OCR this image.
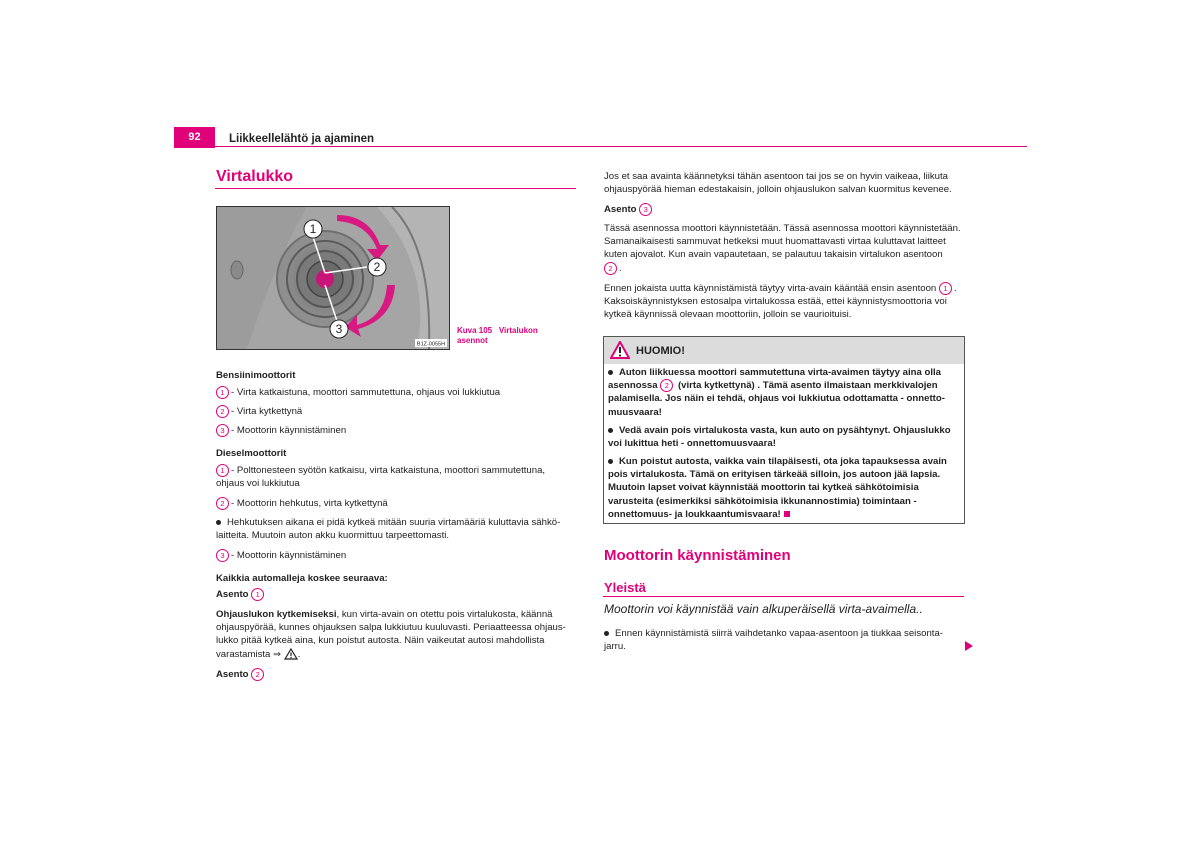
92	Liikkeellelähtö ja ajaminen
Virtalukko
1
2
3
B1Z-0055H
Kuva 105 Virtalukon
asennot
Bensiinimoottorit
1 - Virta katkaistuna, moottori sammutettuna, ohjaus voi lukkiutua
2 - Virta kytkettynä
3 - Moottorin käynnistäminen
Dieselmoottorit
1 - Polttonesteen syötön katkaisu, virta katkaistuna, moottori sammutettuna,
ohjaus voi lukkiutua
2 - Moottorin hehkutus, virta kytkettynä
Hehkutuksen aikana ei pidä kytkeä mitään suuria virtamääriä kuluttavia sähkö-
laitteita. Muutoin auton akku kuormittuu tarpeettomasti.
3 - Moottorin käynnistäminen
Kaikkia automalleja koskee seuraava:
Asento 1
Ohjauslukon kytkemiseksi, kun virta-avain on otettu pois virtalukosta, käännä
ohjauspyörää, kunnes ohjauksen salpa lukkiutuu kuuluvasti. Periaatteessa ohjaus-
lukko pitää kytkeä aina, kun poistut autosta. Näin vaikeutat autosi mahdollista
varastamista ⇒ .
Asento 2
Jos et saa avainta käännetyksi tähän asentoon tai jos se on hyvin vaikeaa, liikuta
ohjauspyörää hieman edestakaisin, jolloin ohjauslukon salvan kuormitus kevenee.
Asento 3
Tässä asennossa moottori käynnistetään. Tässä asennossa moottori käynnistetään.
Samanaikaisesti sammuvat hetkeksi muut huomattavasti virtaa kuluttavat laitteet
kuten ajovalot. Kun avain vapautetaan, se palautuu takaisin virtalukon asentoon
2 .
Ennen jokaista uutta käynnistämistä täytyy virta-avain kääntää ensin asentoon 1 .
Kaksoiskäynnistyksen estosalpa virtalukossa estää, ettei käynnistysmoottoria voi
kytkeä käynnissä olevaan moottoriin, jolloin se vaurioituisi.
HUOMIO!
Auton liikkuessa moottori sammutettuna virta-avaimen täytyy aina olla
asennossa 2 (virta kytkettynä) . Tämä asento ilmaistaan merkkivalojen
palamisella. Jos näin ei tehdä, ohjaus voi lukkiutua odottamatta - onnetto-
muusvaara!
Vedä avain pois virtalukosta vasta, kun auto on pysähtynyt. Ohjauslukko
voi lukittua heti - onnettomuusvaara!
Kun poistut autosta, vaikka vain tilapäisesti, ota joka tapauksessa avain
pois virtalukosta. Tämä on erityisen tärkeää silloin, jos autoon jää lapsia.
Muutoin lapset voivat käynnistää moottorin tai kytkeä sähkötoimisia
varusteita (esimerkiksi sähkötoimisia ikkunannostimia) toimintaan -
onnettomuus- ja loukkaantumisvaara!
Moottorin käynnistäminen
Yleistä
Moottorin voi käynnistää vain alkuperäisellä virta-avaimella..
Ennen käynnistämistä siirrä vaihdetanko vapaa-asentoon ja tiukkaa seisonta-
jarru.
